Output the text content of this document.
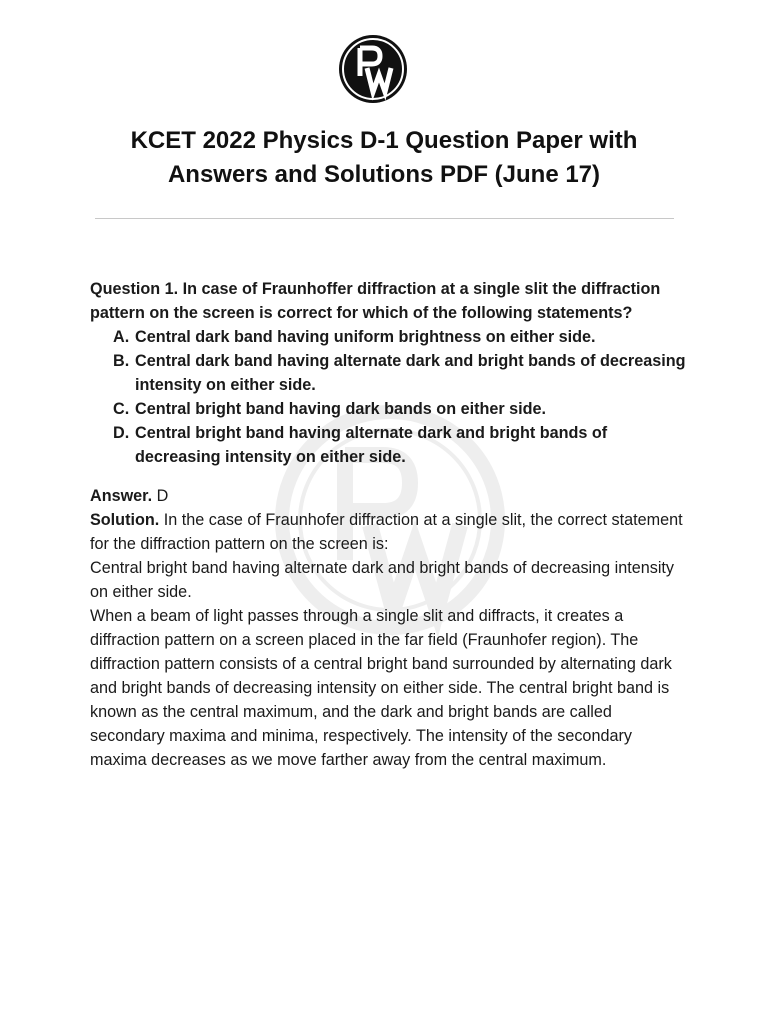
KCET 2022 Physics D-1 Question Paper with
Answers and Solutions PDF (June 17)

Question 1. In case of Fraunhoffer diffraction at a single slit the diffraction pattern on the screen is correct for which of the following statements?

A. Central dark band having uniform brightness on either side.
B. Central dark band having alternate dark and bright bands of decreasing intensity on either side.
C. Central bright band having dark bands on either side.
D. Central bright band having alternate dark and bright bands of decreasing intensity on either side.

Answer. D

Solution. In the case of Fraunhofer diffraction at a single slit, the correct statement for the diffraction pattern on the screen is:

Central bright band having alternate dark and bright bands of decreasing intensity on either side.

When a beam of light passes through a single slit and diffracts, it creates a diffraction pattern on a screen placed in the far field (Fraunhofer region). The diffraction pattern consists of a central bright band surrounded by alternating dark and bright bands of decreasing intensity on either side. The central bright band is known as the central maximum, and the dark and bright bands are called secondary maxima and minima, respectively. The intensity of the secondary maxima decreases as we move farther away from the central maximum.
